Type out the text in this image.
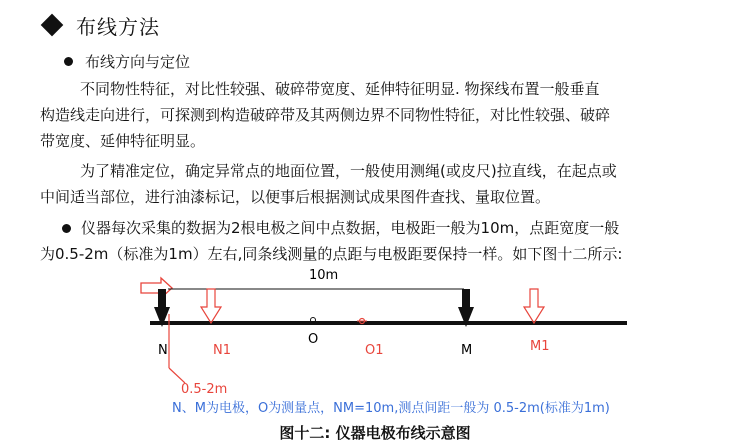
布线方法
布线方向与定位
不同物性特征，对比性较强、破碎带宽度、延伸特征明显. 物探线布置一般垂直
构造线走向进行，可探测到构造破碎带及其两侧边界不同物性特征，对比性较强、破碎
带宽度、延伸特征明显。
为了精准定位，确定异常点的地面位置，一般使用测绳(或皮尺)拉直线，在起点或
中间适当部位，进行油漆标记，以便事后根据测试成果图件查找、量取位置。
仪器每次采集的数据为2根电极之间中点数据，电极距一般为10m，点距宽度一般
为0.5-2m（标准为1m）左右,同条线测量的点距与电极距要保持一样。如下图十二所示:
10m
N	N1
O
O1	M	M1
0.5-2m
N、M为电极，O为测量点，NM=10m,测点间距一般为 0.5-2m(标准为1m)
图十二: 仪器电极布线示意图
